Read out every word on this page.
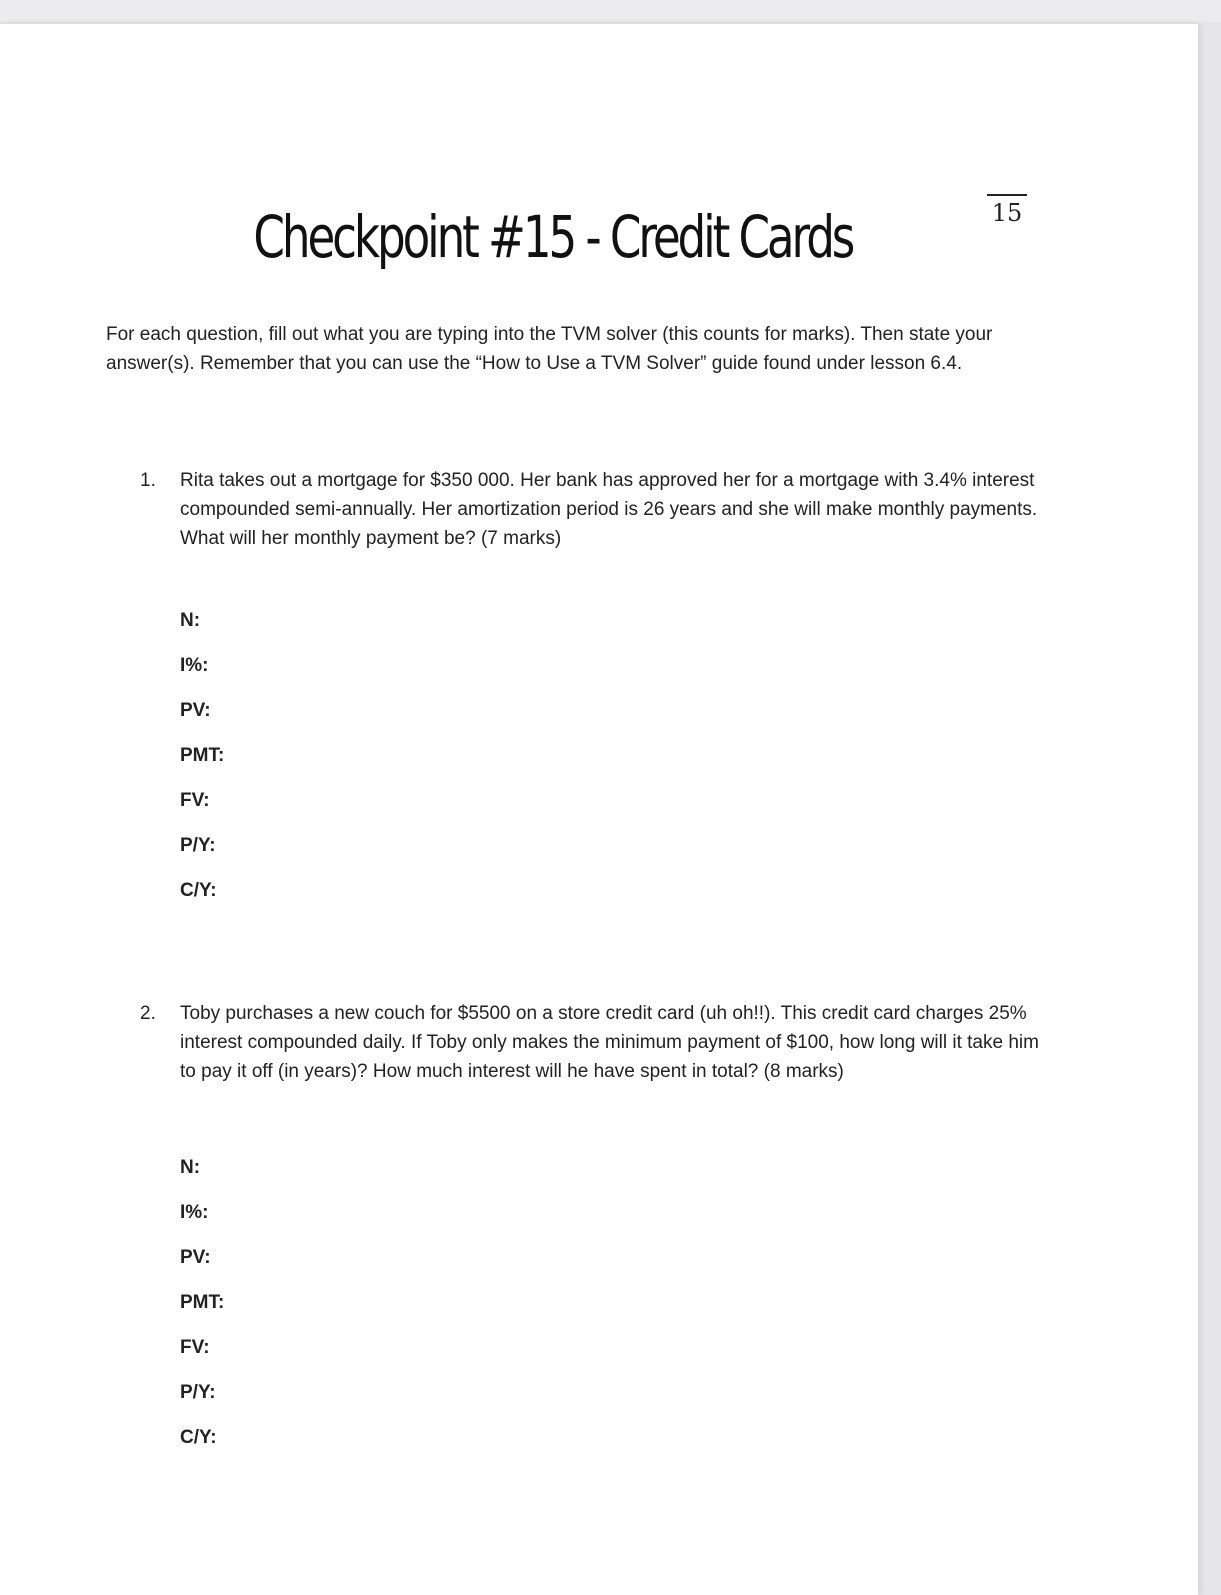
Checkpoint #15 - Credit Cards	15

For each question, fill out what you are typing into the TVM solver (this counts for marks). Then state your answer(s). Remember that you can use the “How to Use a TVM Solver” guide found under lesson 6.4.

1.	Rita takes out a mortgage for $350 000. Her bank has approved her for a mortgage with 3.4% interest compounded semi-annually. Her amortization period is 26 years and she will make monthly payments. What will her monthly payment be? (7 marks)

N:
I%:
PV:
PMT:
FV:
P/Y:
C/Y:
2.	Toby purchases a new couch for $5500 on a store credit card (uh oh!!). This credit card charges 25% interest compounded daily. If Toby only makes the minimum payment of $100, how long will it take him to pay it off (in years)? How much interest will he have spent in total? (8 marks)

N:
I%:
PV:
PMT:
FV:
P/Y:
C/Y:
